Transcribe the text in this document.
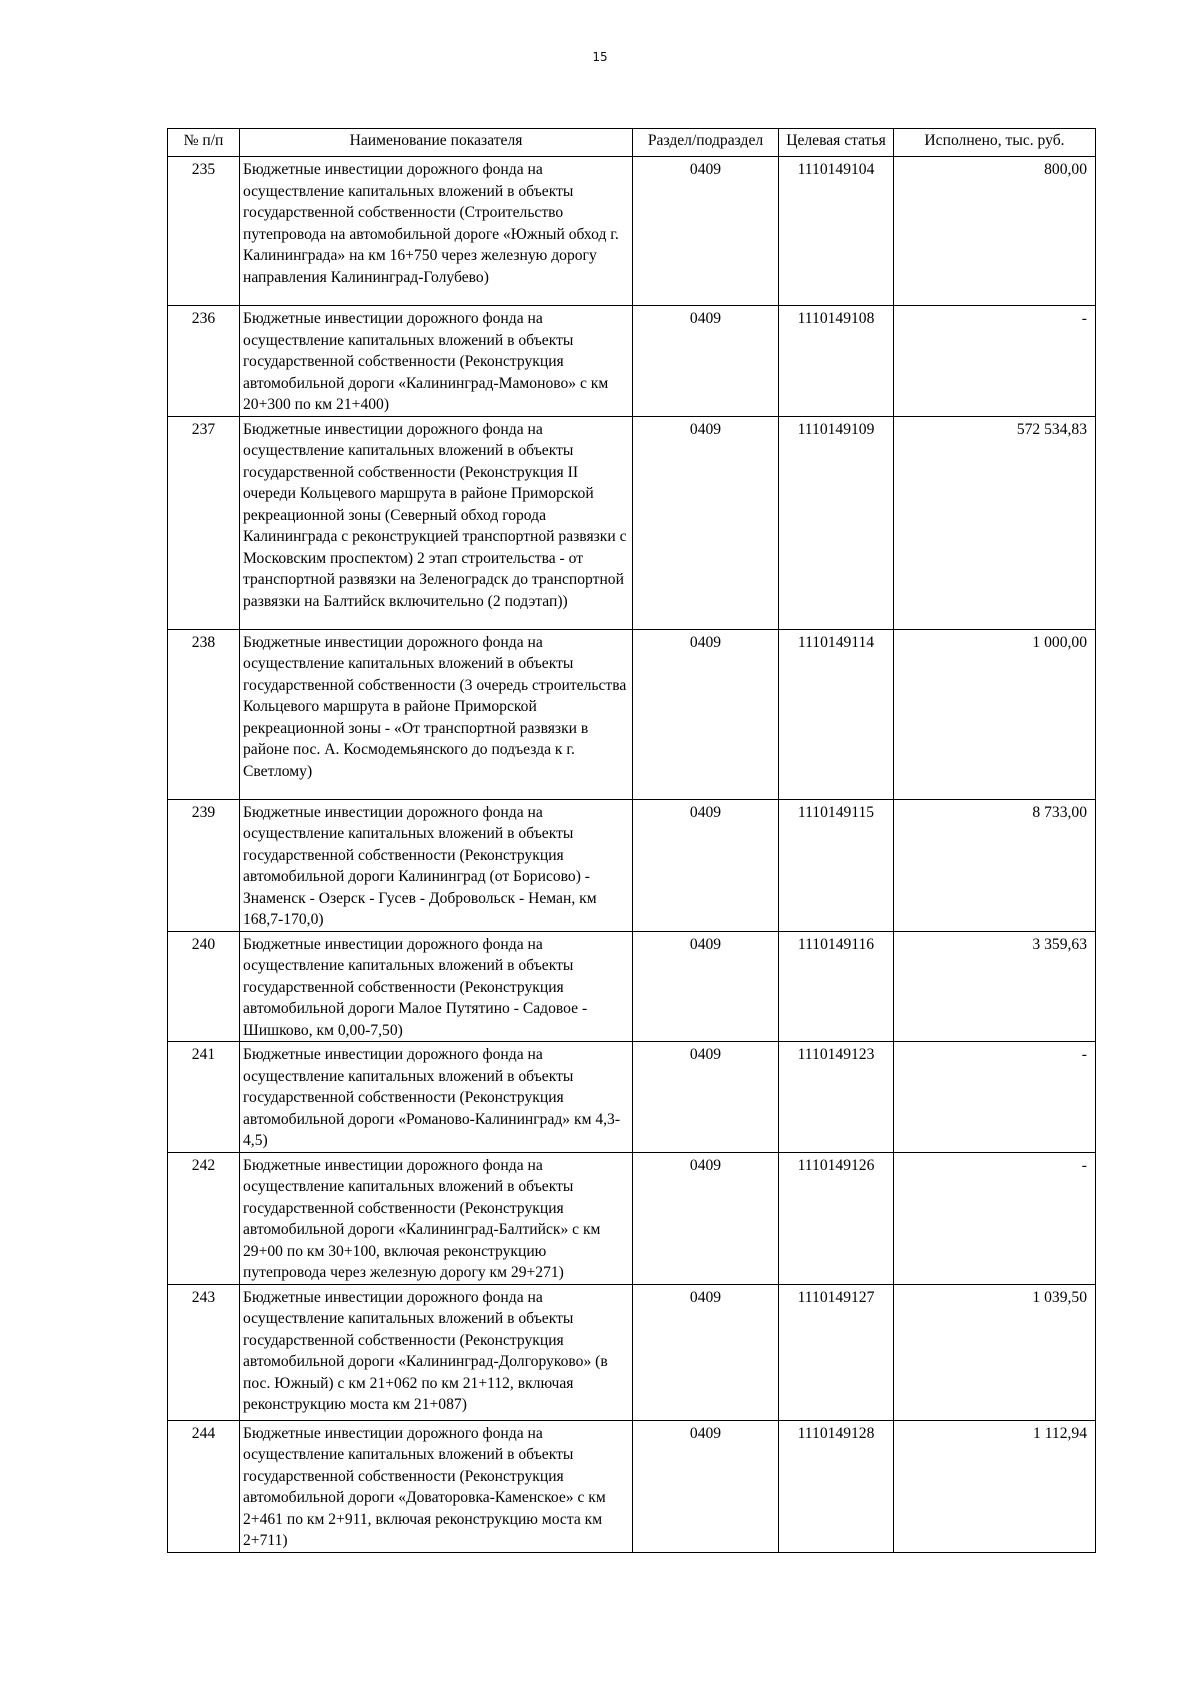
15
№ п/п	Наименование показателя	Раздел/подраздел	Целевая статья	Исполнено, тыс. руб.
235	Бюджетные инвестиции дорожного фонда на осуществление капитальных вложений в объекты государственной собственности (Строительство путепровода на автомобильной дороге «Южный обход г. Калининграда» на км 16+750 через железную дорогу направления Калининград-Голубево)	0409	1110149104	800,00
236	Бюджетные инвестиции дорожного фонда на осуществление капитальных вложений в объекты государственной собственности (Реконструкция автомобильной дороги «Калининград-Мамоново» с км 20+300 по км 21+400)	0409	1110149108	-
237	Бюджетные инвестиции дорожного фонда на осуществление капитальных вложений в объекты государственной собственности (Реконструкция II очереди Кольцевого маршрута в районе Приморской рекреационной зоны (Северный обход города Калининграда с реконструкцией транспортной развязки с Московским проспектом) 2 этап строительства - от транспортной развязки на Зеленоградск до транспортной развязки на Балтийск включительно (2 подэтап))	0409	1110149109	572 534,83
238	Бюджетные инвестиции дорожного фонда на осуществление капитальных вложений в объекты государственной собственности (3 очередь строительства Кольцевого маршрута в районе Приморской рекреационной зоны - «От транспортной развязки в районе пос. А. Космодемьянского до подъезда к г. Светлому)	0409	1110149114	1 000,00
239	Бюджетные инвестиции дорожного фонда на осуществление капитальных вложений в объекты государственной собственности (Реконструкция автомобильной дороги Калининград (от Борисово) - Знаменск - Озерск - Гусев - Добровольск - Неман, км 168,7-170,0)	0409	1110149115	8 733,00
240	Бюджетные инвестиции дорожного фонда на осуществление капитальных вложений в объекты государственной собственности (Реконструкция автомобильной дороги Малое Путятино - Садовое - Шишково, км 0,00-7,50)	0409	1110149116	3 359,63
241	Бюджетные инвестиции дорожного фонда на осуществление капитальных вложений в объекты государственной собственности (Реконструкция автомобильной дороги «Романово-Калининград» км 4,3-4,5)	0409	1110149123	-
242	Бюджетные инвестиции дорожного фонда на осуществление капитальных вложений в объекты государственной собственности (Реконструкция автомобильной дороги «Калининград-Балтийск» с км 29+00 по км 30+100, включая реконструкцию путепровода через железную дорогу км 29+271)	0409	1110149126	-
243	Бюджетные инвестиции дорожного фонда на осуществление капитальных вложений в объекты государственной собственности (Реконструкция автомобильной дороги «Калининград-Долгоруково» (в пос. Южный) с км 21+062 по км 21+112, включая реконструкцию моста км 21+087)	0409	1110149127	1 039,50
244	Бюджетные инвестиции дорожного фонда на осуществление капитальных вложений в объекты государственной собственности (Реконструкция автомобильной дороги «Доваторовка-Каменское» с км 2+461 по км 2+911, включая реконструкцию моста км 2+711)	0409	1110149128	1 112,94
